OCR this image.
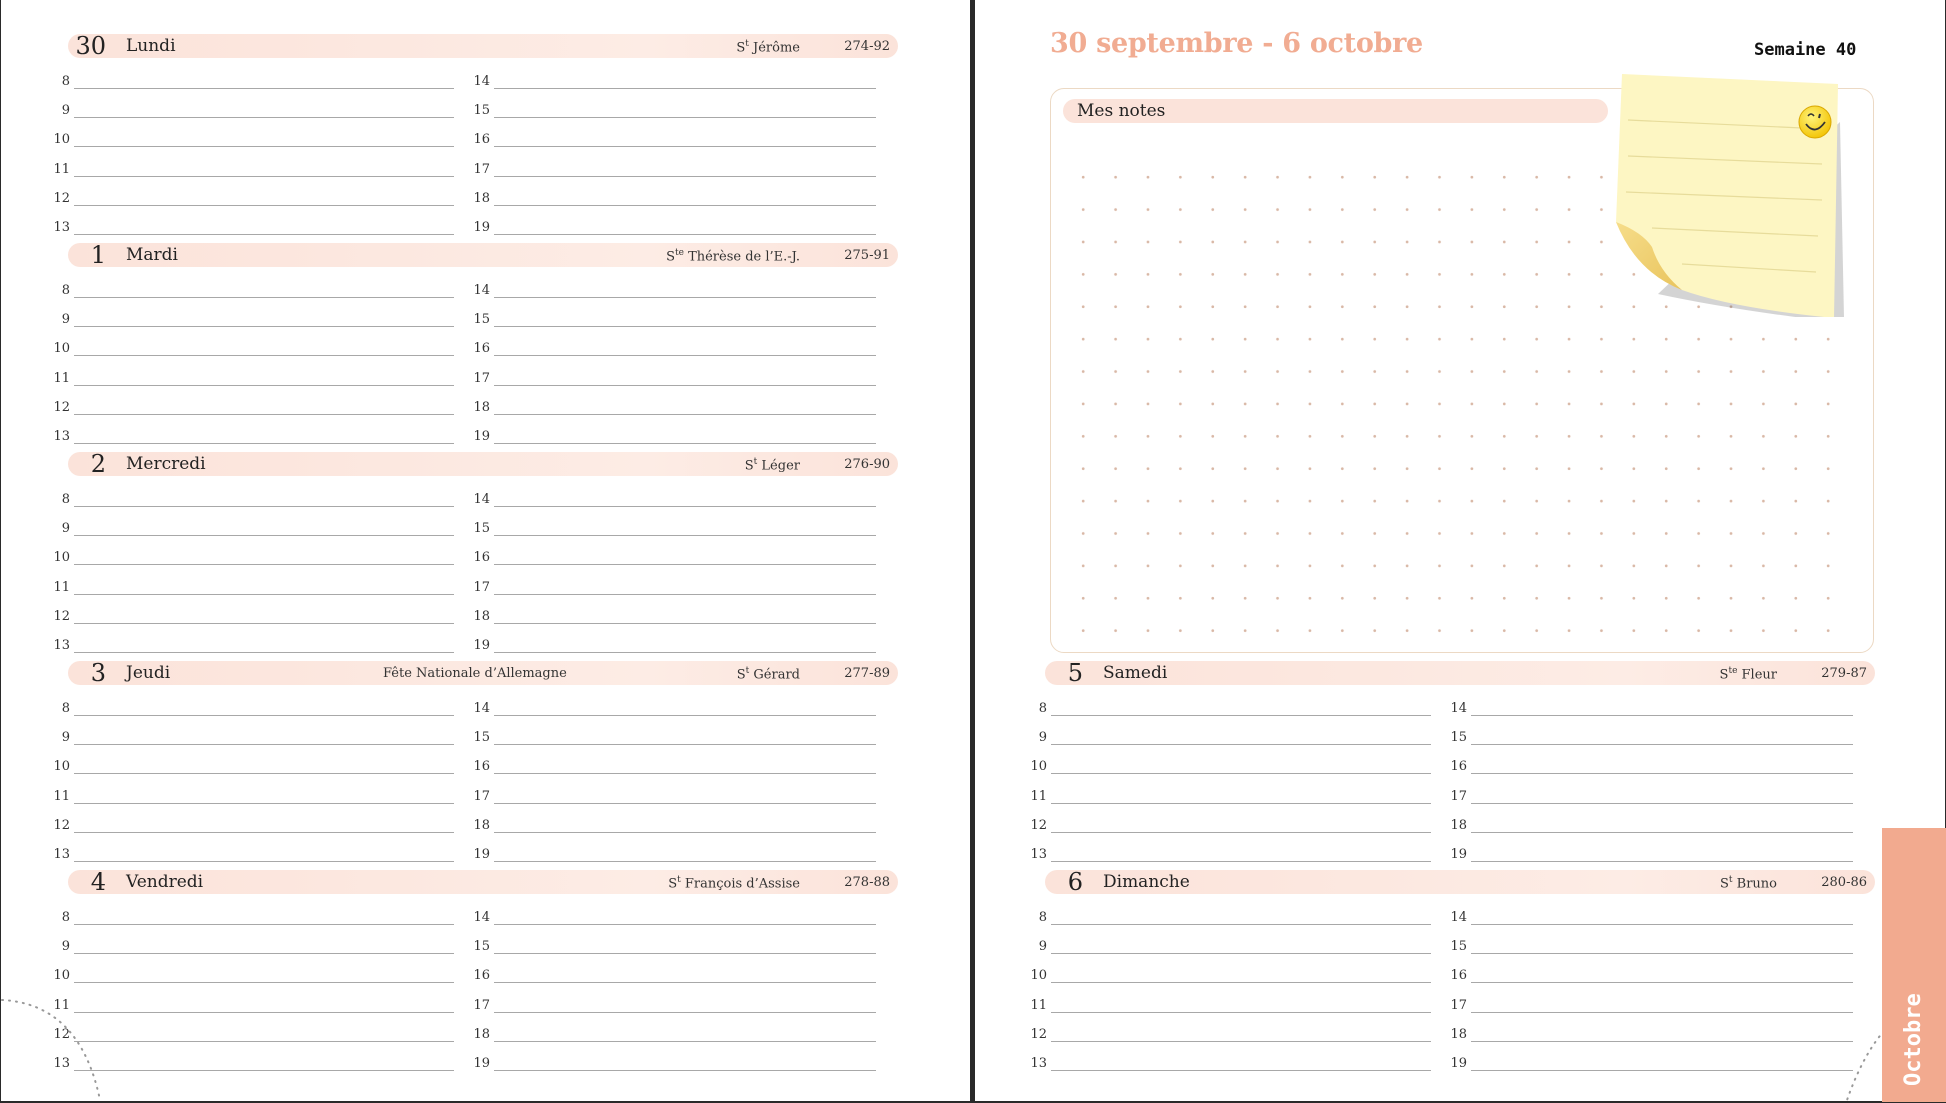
30 septembre - 6 octobre	Semaine 40
Mes notes
Octobre
30 Lundi	$S^t$ Jérôme	274-92
8	14
9	15
10	16
11	17
12	18
13	19
1 Mardi	$S^{te}$ Thérèse de l’E.-J.	275-91
8	14
9	15
10	16
11	17
12	18
13	19
2 Mercredi	$S^t$ Léger	276-90
8	14
9	15
10	16
11	17
12	18
13	19
3 Jeudi	Fête Nationale d’Allemagne	$S^t$ Gérard	277-89
8	14
9	15
10	16
11	17
12	18
13	19
4 Vendredi	$S^t$ François d’Assise	278-88
8	14
9	15
10	16
11	17
12	18
13	19
5 Samedi	$S^{te}$ Fleur	279-87
8	14
9	15
10	16
11	17
12	18
13	19
6 Dimanche	$S^t$ Bruno	280-86
8	14
9	15
10	16
11	17
12	18
13	19
